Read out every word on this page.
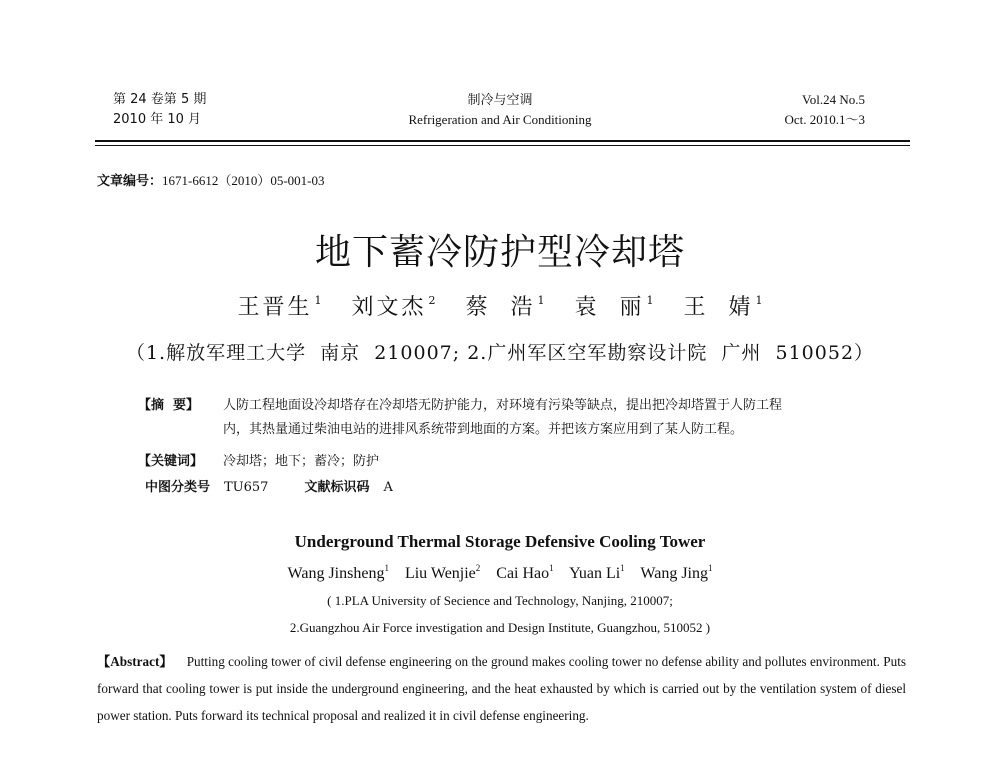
第 24 卷第 5 期
2010 年 10 月
制冷与空调
Refrigeration and Air Conditioning
Vol.24 No.5
Oct. 2010.1～3
文章编号：1671-6612（2010）05-001-03
地下蓄冷防护型冷却塔
王晋生 $^1$ 刘文杰 $^2$ 蔡  浩 $^1$ 袁  丽 $^1$ 王  婧 $^1$
（1.解放军理工大学  南京  210007; 2.广州军区空军勘察设计院  广州  510052）
【摘  要】	人防工程地面设冷却塔存在冷却塔无防护能力，对环境有污染等缺点，提出把冷却塔置于人防工程
内，其热量通过柴油电站的进排风系统带到地面的方案。并把该方案应用到了某人防工程。
【关键词】 冷却塔；地下；蓄冷；防护
中图分类号 TU657	文献标识码 A
Underground Thermal Storage Defensive Cooling Tower
Wang Jinsheng$^1$ Liu Wenjie$^2$ Cai Hao$^1$ Yuan Li$^1$ Wang Jing$^1$
( 1.PLA University of Secience and Technology, Nanjing, 210007;
2.Guangzhou Air Force investigation and Design Institute, Guangzhou, 510052 )
【Abstract】 Putting cooling tower of civil defense engineering on the ground makes cooling tower no defense ability and pollutes environment. Puts forward that cooling tower is put inside the underground engineering, and the heat exhausted by which is carried out by the ventilation system of diesel power station. Puts forward its technical proposal and realized it in civil defense engineering.
